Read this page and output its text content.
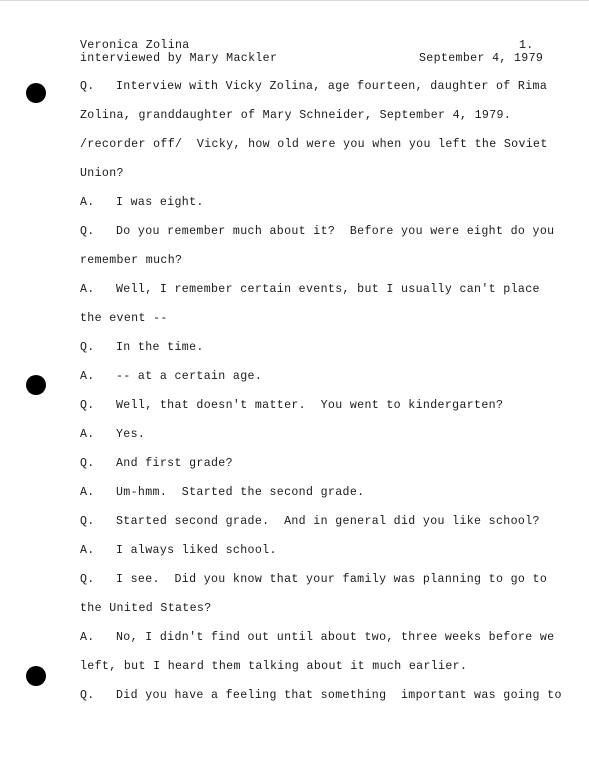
Veronica Zolina
interviewed by Mary Mackler
1.
September 4, 1979
Q. Interview with Vicky Zolina, age fourteen, daughter of Rima
Zolina, granddaughter of Mary Schneider, September 4, 1979.
/recorder off/  Vicky, how old were you when you left the Soviet
Union?
A. I was eight.
Q. Do you remember much about it?  Before you were eight do you
remember much?
A. Well, I remember certain events, but I usually can't place
the event --
Q. In the time.
A. -- at a certain age.
Q. Well, that doesn't matter.  You went to kindergarten?
A. Yes.
Q. And first grade?
A. Um-hmm.  Started the second grade.
Q. Started second grade.  And in general did you like school?
A. I always liked school.
Q. I see.  Did you know that your family was planning to go to
the United States?
A. No, I didn't find out until about two, three weeks before we
left, but I heard them talking about it much earlier.
Q. Did you have a feeling that something  important was going to
